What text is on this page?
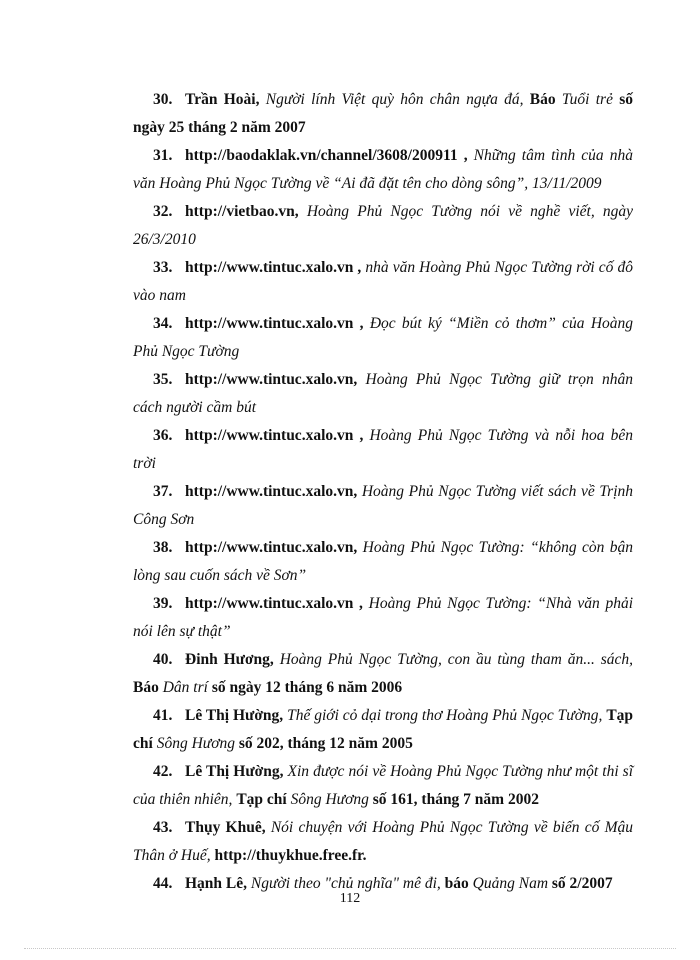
30. Trần Hoài, Người lính Việt quỳ hôn chân ngựa đá, Báo Tuổi trẻ số ngày 25 tháng 2 năm 2007

31. http://baodaklak.vn/channel/3608/200911 , Những tâm tình của nhà văn Hoàng Phủ Ngọc Tường về “Ai đã đặt tên cho dòng sông”, 13/11/2009

32. http://vietbao.vn, Hoàng Phủ Ngọc Tường nói về nghề viết, ngày 26/3/2010

33. http://www.tintuc.xalo.vn , nhà văn Hoàng Phủ Ngọc Tường rời cố đô vào nam

34. http://www.tintuc.xalo.vn , Đọc bút ký “Miền cỏ thơm” của Hoàng Phủ Ngọc Tường

35. http://www.tintuc.xalo.vn, Hoàng Phủ Ngọc Tường giữ trọn nhân cách người cầm bút

36. http://www.tintuc.xalo.vn , Hoàng Phủ Ngọc Tường và nỗi hoa bên trời

37. http://www.tintuc.xalo.vn, Hoàng Phủ Ngọc Tường viết sách về Trịnh Công Sơn

38. http://www.tintuc.xalo.vn, Hoàng Phủ Ngọc Tường: “không còn bận lòng sau cuốn sách về Sơn”

39. http://www.tintuc.xalo.vn , Hoàng Phủ Ngọc Tường: “Nhà văn phải nói lên sự thật”

40. Đinh Hương, Hoàng Phủ Ngọc Tường, con ầu tùng tham ăn... sách, Báo Dân trí số ngày 12 tháng 6 năm 2006

41. Lê Thị Hường, Thế giới cỏ dại trong thơ Hoàng Phủ Ngọc Tường, Tạp chí Sông Hương số 202, tháng 12 năm 2005

42. Lê Thị Hường, Xin được nói về Hoàng Phủ Ngọc Tường như một thi sĩ của thiên nhiên, Tạp chí Sông Hương số 161, tháng 7 năm 2002

43. Thụy Khuê, Nói chuyện với Hoàng Phủ Ngọc Tường về biến cố Mậu Thân ở Huế, http://thuykhue.free.fr.

44. Hạnh Lê, Người theo "chủ nghĩa" mê đi, báo Quảng Nam số 2/2007

112
